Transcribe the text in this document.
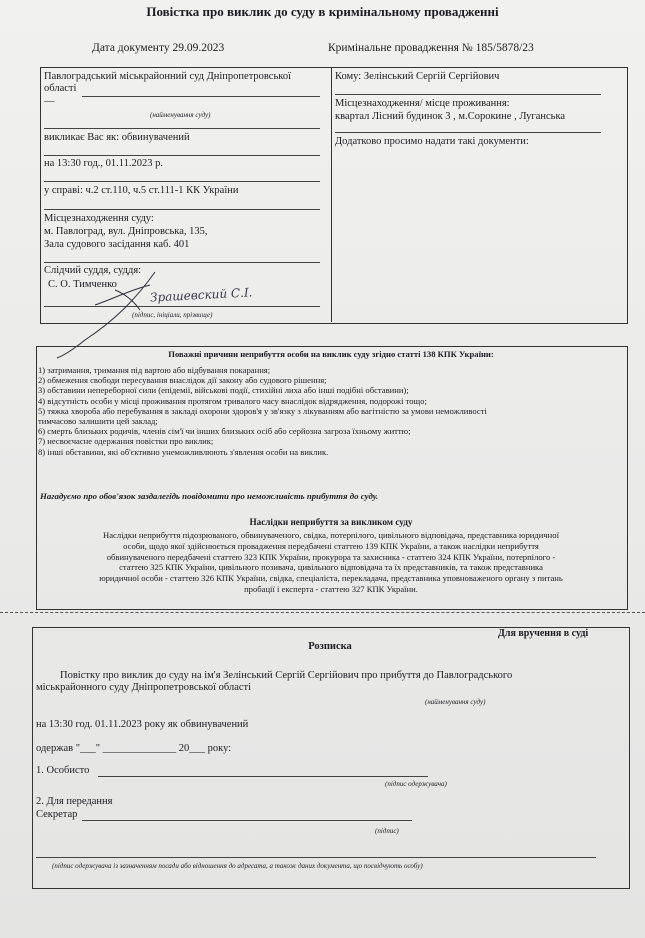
Повістка про виклик до суду в кримінальному провадженні
Дата документу 29.09.2023	Кримінальне провадження № 185/5878/23
Павлоградський міськрайонний суд Дніпропетровської
області
—
(найменування суду)
викликає Вас як: обвинувачений
на 13:30 год., 01.11.2023 р.
у справі: ч.2 ст.110, ч.5 ст.111-1 КК України
Місцезнаходження суду:
м. Павлоград, вул. Дніпровська, 135,
Зала судового засідання каб. 401
Слідчий суддя, суддя:
С. О. Тимченко
Зрашевский С.І.
(підпис, ініціали, прізвище)
Кому: Зелінський Сергій Сергійович
Місцезнаходження/ місце проживання:
квартал Лісний будинок 3 , м.Сорокине , Луганська
Додатково просимо надати такі документи:
Поважні причини неприбуття особи на виклик суду згідно статті 138 КПК України:
1) затримання, тримання під вартою або відбування покарання;
2) обмеження свободи пересування внаслідок дії закону або судового рішення;
3) обставини непереборної сили (епідемії, військові події, стихійні лиха або інші подібні обставини);
4) відсутність особи у місці проживання протягом тривалого часу внаслідок відрядження, подорожі тощо;
5) тяжка хвороба або перебування в закладі охорони здоров'я у зв'язку з лікуванням або вагітністю за умови неможливості
тимчасово залишити цей заклад;
6) смерть близьких родичів, членів сім'ї чи інших близьких осіб або серйозна загроза їхньому життю;
7) несвоєчасне одержання повістки про виклик;
8) інші обставини, які об'єктивно унеможливлюють з'явлення особи на виклик.
Нагадуємо про обов'язок заздалегідь повідомити про неможливість прибуття до суду.
Наслідки неприбуття за викликом суду
Наслідки неприбуття підозрюваного, обвинуваченого, свідка, потерпілого, цивільного відповідача, представника юридичної
особи, щодо якої здійснюється провадження передбачені статтею 139 КПК України, а також наслідки неприбуття
обвинуваченого передбачені статтею 323 КПК України, прокурора та захисника - статтею 324 КПК України, потерпілого -
статтею 325 КПК України, цивільного позивача, цивільного відповідача та їх представників, та також представника
юридичної особи - статтею 326 КПК України, свідка, спеціаліста, перекладача, представника уповноваженого органу з питань
пробації і експерта - статтею 327 КПК України.
Для вручення в суді
Розписка
Повістку про виклик до суду на ім'я Зелінський Сергій Сергійович про прибуття до Павлоградського
міськрайонного суду Дніпропетровської області
(найменування суду)
на 13:30 год. 01.11.2023 року як обвинувачений
одержав "___" ______________ 20___ року:
1. Особисто
(підпис одержувача)
2. Для передання
Секретар
(підпис)
(підпис одержувача із зазначенням посади або відношення до адресата, а також даних документа, що посвідчують особу)
